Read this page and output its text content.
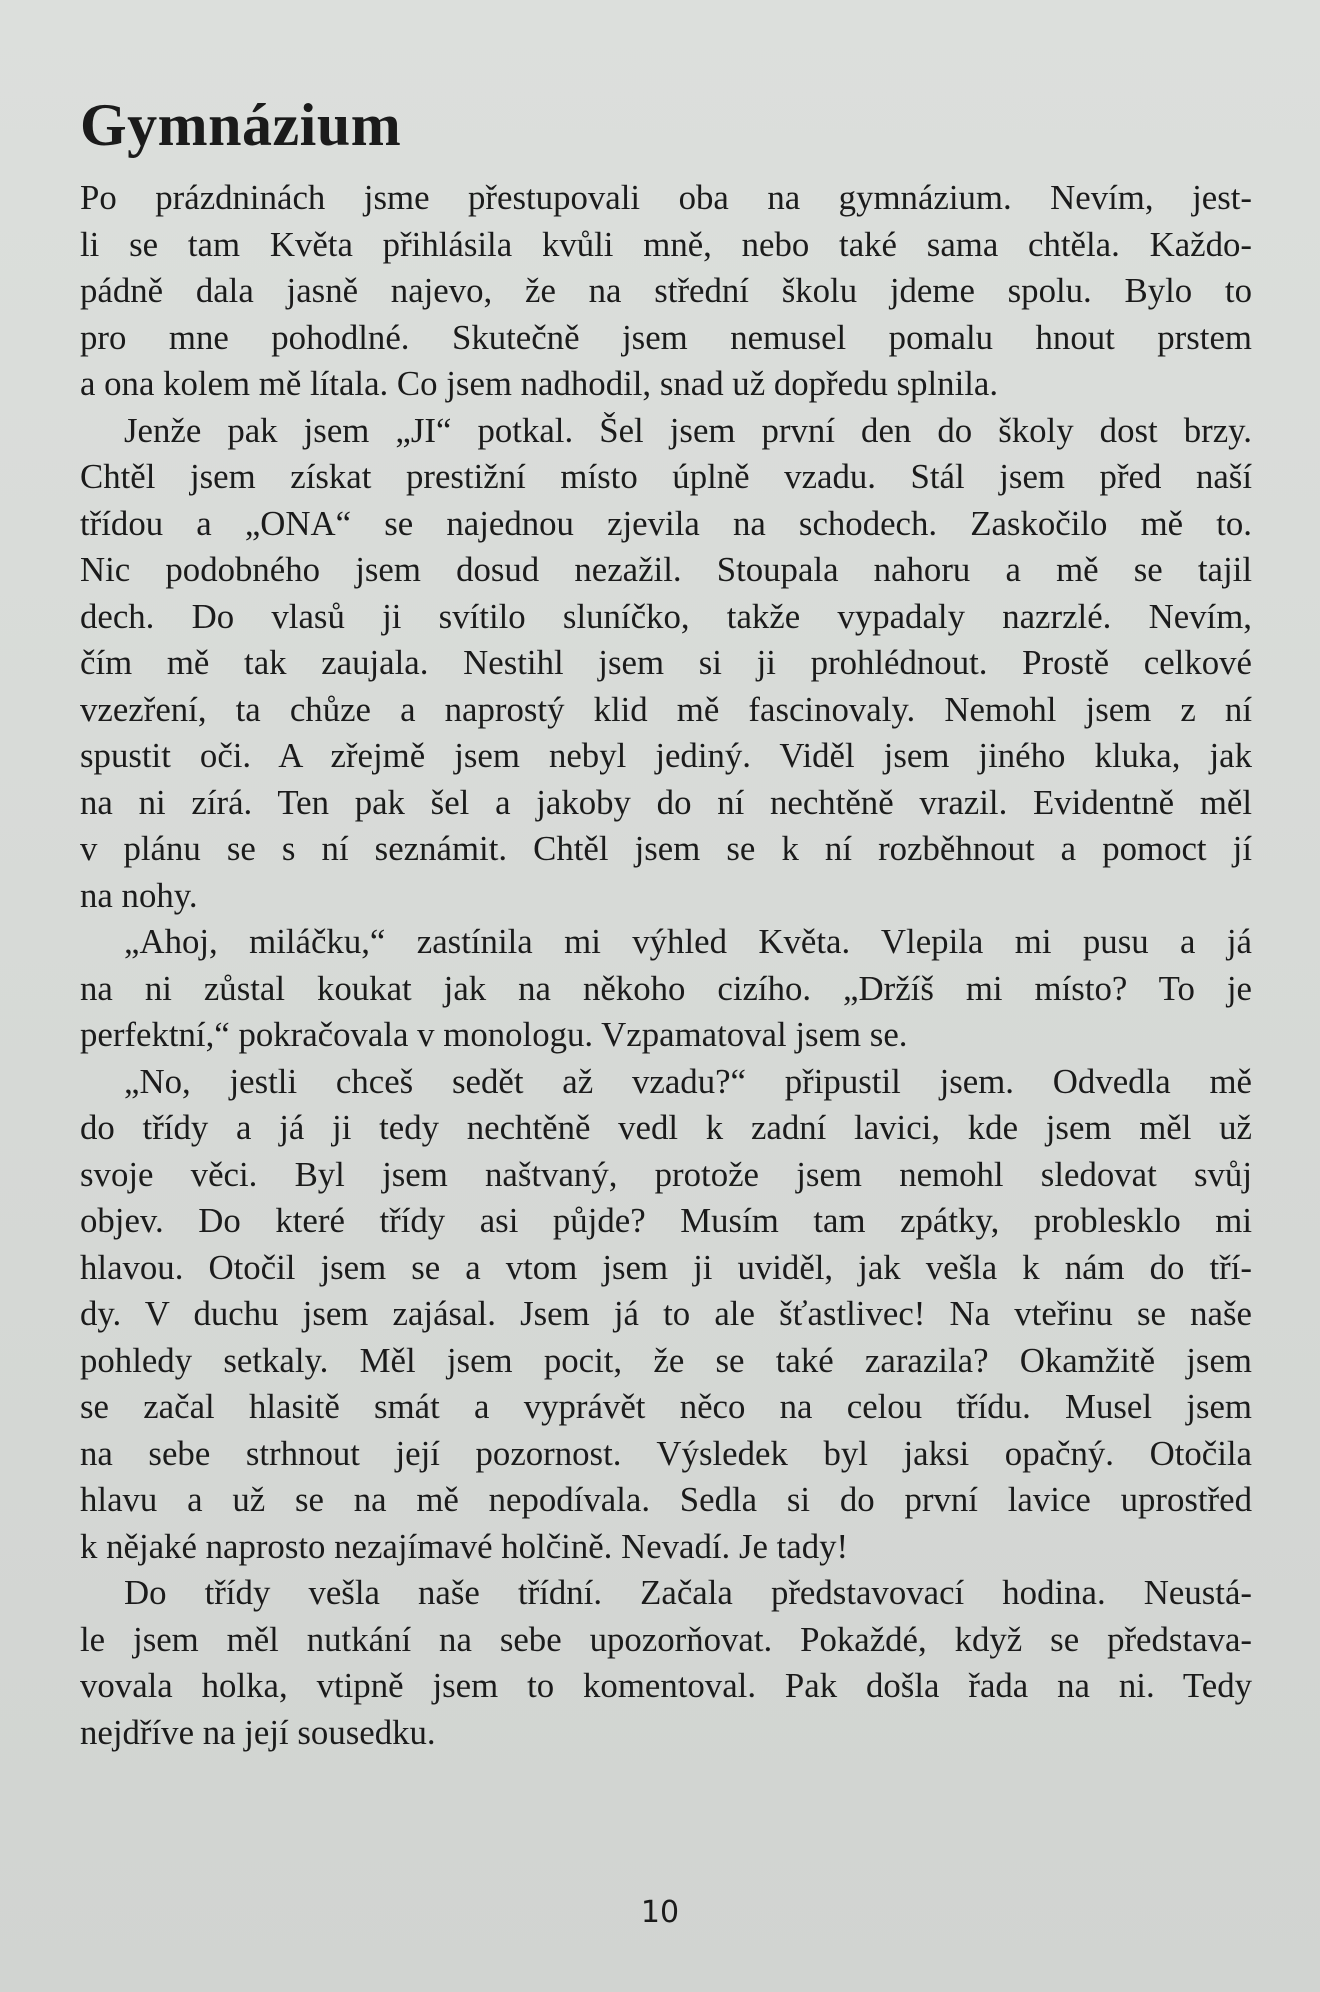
Gymnázium

Po prázdninách jsme přestupovali oba na gymnázium. Nevím, jest-
li se tam Květa přihlásila kvůli mně, nebo také sama chtěla. Každo-
pádně dala jasně najevo, že na střední školu jdeme spolu. Bylo to
pro mne pohodlné. Skutečně jsem nemusel pomalu hnout prstem
a ona kolem mě lítala. Co jsem nadhodil, snad už dopředu splnila.

Jenže pak jsem „JI“ potkal. Šel jsem první den do školy dost brzy.
Chtěl jsem získat prestižní místo úplně vzadu. Stál jsem před naší
třídou a „ONA“ se najednou zjevila na schodech. Zaskočilo mě to.
Nic podobného jsem dosud nezažil. Stoupala nahoru a mě se tajil
dech. Do vlasů ji svítilo sluníčko, takže vypadaly nazrzlé. Nevím,
čím mě tak zaujala. Nestihl jsem si ji prohlédnout. Prostě celkové
vzezření, ta chůze a naprostý klid mě fascinovaly. Nemohl jsem z ní
spustit oči. A zřejmě jsem nebyl jediný. Viděl jsem jiného kluka, jak
na ni zírá. Ten pak šel a jakoby do ní nechtěně vrazil. Evidentně měl
v plánu se s ní seznámit. Chtěl jsem se k ní rozběhnout a pomoct jí
na nohy.

„Ahoj, miláčku,“ zastínila mi výhled Květa. Vlepila mi pusu a já
na ni zůstal koukat jak na někoho cizího. „Držíš mi místo? To je
perfektní,“ pokračovala v monologu. Vzpamatoval jsem se.

„No, jestli chceš sedět až vzadu?“ připustil jsem. Odvedla mě
do třídy a já ji tedy nechtěně vedl k zadní lavici, kde jsem měl už
svoje věci. Byl jsem naštvaný, protože jsem nemohl sledovat svůj
objev. Do které třídy asi půjde? Musím tam zpátky, problesklo mi
hlavou. Otočil jsem se a vtom jsem ji uviděl, jak vešla k nám do tří-
dy. V duchu jsem zajásal. Jsem já to ale šťastlivec! Na vteřinu se naše
pohledy setkaly. Měl jsem pocit, že se také zarazila? Okamžitě jsem
se začal hlasitě smát a vyprávět něco na celou třídu. Musel jsem
na sebe strhnout její pozornost. Výsledek byl jaksi opačný. Otočila
hlavu a už se na mě nepodívala. Sedla si do první lavice uprostřed
k nějaké naprosto nezajímavé holčině. Nevadí. Je tady!

Do třídy vešla naše třídní. Začala představovací hodina. Neustá-
le jsem měl nutkání na sebe upozorňovat. Pokaždé, když se představa-
vovala holka, vtipně jsem to komentoval. Pak došla řada na ni. Tedy
nejdříve na její sousedku.

10
